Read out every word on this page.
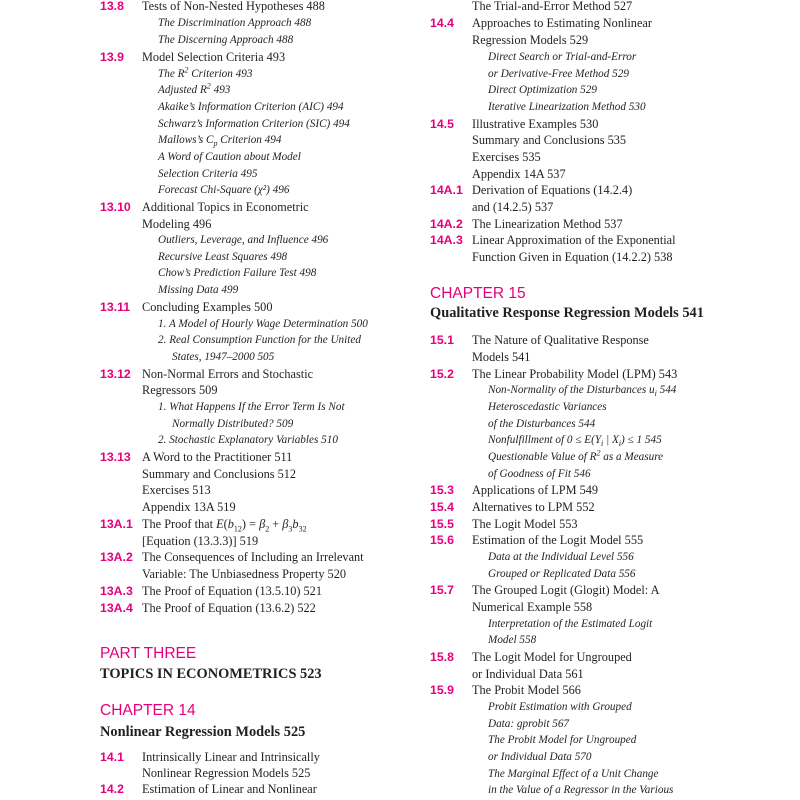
13.8 Tests of Non-Nested Hypotheses 488
The Discrimination Approach 488
The Discerning Approach 488
13.9 Model Selection Criteria 493
The $R^2$ Criterion 493
Adjusted $R^2$ 493
Akaike’s Information Criterion (AIC) 494
Schwarz’s Information Criterion (SIC) 494
Mallows’s $C_p$ Criterion 494
A Word of Caution about Model
Selection Criteria 495
Forecast Chi-Square (χ²) 496
13.10 Additional Topics in Econometric
Modeling 496
Outliers, Leverage, and Influence 496
Recursive Least Squares 498
Chow’s Prediction Failure Test 498
Missing Data 499
13.11 Concluding Examples 500
1. A Model of Hourly Wage Determination 500
2. Real Consumption Function for the United
States, 1947–2000 505
13.12 Non-Normal Errors and Stochastic
Regressors 509
1. What Happens If the Error Term Is Not
Normally Distributed? 509
2. Stochastic Explanatory Variables 510
13.13 A Word to the Practitioner 511
Summary and Conclusions 512
Exercises 513
Appendix 13A 519
13A.1 The Proof that $E(b_{12}) = \beta_2 + \beta_3b_{32}$
[Equation (13.3.3)] 519
13A.2 The Consequences of Including an Irrelevant
Variable: The Unbiasedness Property 520
13A.3 The Proof of Equation (13.5.10) 521
13A.4 The Proof of Equation (13.6.2) 522
PART THREE
TOPICS IN ECONOMETRICS 523
CHAPTER 14
Nonlinear Regression Models 525
14.1 Intrinsically Linear and Intrinsically
Nonlinear Regression Models 525
14.2 Estimation of Linear and Nonlinear
The Trial-and-Error Method 527
14.4 Approaches to Estimating Nonlinear
Regression Models 529
Direct Search or Trial-and-Error
or Derivative-Free Method 529
Direct Optimization 529
Iterative Linearization Method 530
14.5 Illustrative Examples 530
Summary and Conclusions 535
Exercises 535
Appendix 14A 537
14A.1 Derivation of Equations (14.2.4)
and (14.2.5) 537
14A.2 The Linearization Method 537
14A.3 Linear Approximation of the Exponential
Function Given in Equation (14.2.2) 538
CHAPTER 15
Qualitative Response Regression Models 541
15.1 The Nature of Qualitative Response
Models 541
15.2 The Linear Probability Model (LPM) 543
Non-Normality of the Disturbances $u_i$ 544
Heteroscedastic Variances
of the Disturbances 544
Nonfulfillment of $0 \le E(Y_i$ | $X_i) \le 1$ 545
Questionable Value of $R^2$ as a Measure
of Goodness of Fit 546
15.3 Applications of LPM 549
15.4 Alternatives to LPM 552
15.5 The Logit Model 553
15.6 Estimation of the Logit Model 555
Data at the Individual Level 556
Grouped or Replicated Data 556
15.7 The Grouped Logit (Glogit) Model: A
Numerical Example 558
Interpretation of the Estimated Logit
Model 558
15.8 The Logit Model for Ungrouped
or Individual Data 561
15.9 The Probit Model 566
Probit Estimation with Grouped
Data: gprobit 567
The Probit Model for Ungrouped
or Individual Data 570
The Marginal Effect of a Unit Change
in the Value of a Regressor in the Various
